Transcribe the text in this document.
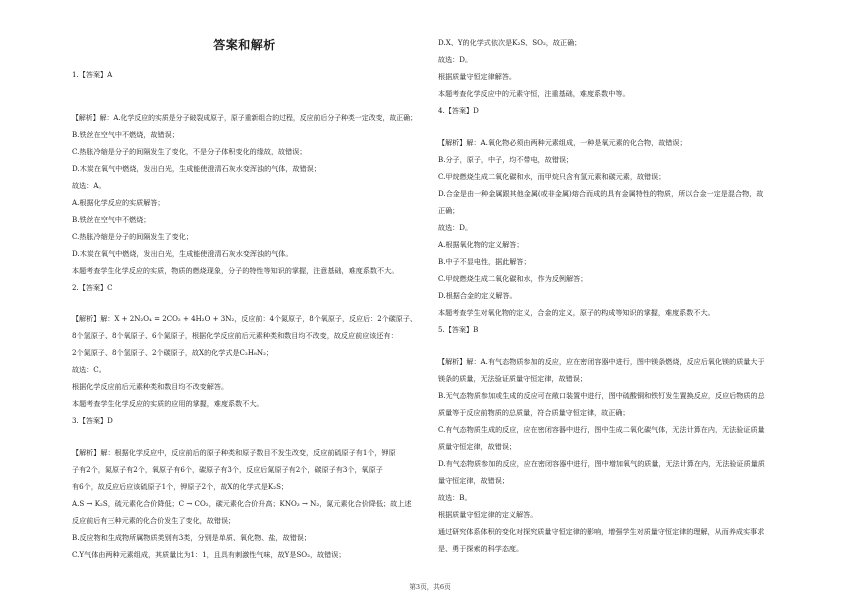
答案和解析
1.【答案】A
【解析】解：A.化学反应的实质是分子破裂成原子，原子重新组合的过程，反应前后分子种类一定改变，故正确；
B.铁丝在空气中不燃烧，故错误；
C.热胀冷缩是分子的间隔发生了变化，不是分子体积变化的缘故，故错误；
D.木炭在氧气中燃烧，发出白光，生成能使澄清石灰水变浑浊的气体，故错误；
故选：A。
A.根据化学反应的实质解答；
B.铁丝在空气中不燃烧；
C.热胀冷缩是分子的间隔发生了变化；
D.木炭在氧气中燃烧，发出白光，生成能使澄清石灰水变浑浊的气体。
本题考查学生化学反应的实质，物质的燃烧现象，分子的特性等知识的掌握，注意基础，难度系数不大。
2.【答案】C
【解析】解：X + 2N₂O₄ = 2CO₂ + 4H₂O + 3N₂，反应前：4个氮原子，8个氧原子，反应后：2个碳原子、
8个氢原子、8个氧原子、6个氮原子，根据化学反应前后元素种类和数目均不改变，故反应前应该还有：
2个氮原子、8个氢原子、2个碳原子，故X的化学式是C₂H₈N₂；
故选：C。
根据化学反应前后元素种类和数目均不改变解答。
本题考查学生化学反应的实质的应用的掌握，难度系数不大。
3.【答案】D
【解析】解：根据化学反应中，反应前后的原子种类和原子数目不发生改变，反应前硫原子有1个，钾原
子有2个，氮原子有2个，氧原子有6个，碳原子有3个，反应后氮原子有2个，碳原子有3个，氧原子
有6个，故反应后应该硫原子1个，钾原子2个，故X的化学式是K₂S；
A.S → K₂S，硫元素化合价降低；C → CO₂，碳元素化合价升高；KNO₃ → N₂，氮元素化合价降低；故上述
反应前后有三种元素的化合价发生了变化，故错误；
B.反应物和生成物所属物质类别有3类，分别是单质、氧化物、盐，故错误；
C.Y气体由两种元素组成，其质量比为1：1，且具有刺激性气味，故Y是SO₂，故错误；
D.X、Y的化学式依次是K₂S、SO₂，故正确；
故选：D。
根据质量守恒定律解答。
本题考查化学反应中的元素守恒，注重基础，难度系数中等。
4.【答案】D
【解析】解：A.氧化物必须由两种元素组成，一种是氧元素的化合物，故错误；
B.分子，原子，中子，均不带电，故错误；
C.甲烷燃烧生成二氧化碳和水，而甲烷只含有氢元素和碳元素，故错误；
D.合金是由一种金属跟其他金属(或非金属)熔合而成的具有金属特性的物质，所以合金一定是混合物，故
正确；
故选：D。
A.根据氧化物的定义解答；
B.中子不显电性，据此解答；
C.甲烷燃烧生成二氧化碳和水，作为反例解答；
D.根据合金的定义解答。
本题考查学生对氧化物的定义，合金的定义，原子的构成等知识的掌握，难度系数不大。
5.【答案】B
【解析】解：A.有气态物质参加的反应，应在密闭容器中进行，图中镁条燃烧，反应后氧化镁的质量大于
镁条的质量，无法验证质量守恒定律，故错误；
B.无气态物质参加或生成的反应可在敞口装置中进行，图中硫酸铜和铁钉发生置换反应，反应后物质的总
质量等于反应前物质的总质量，符合质量守恒定律，故正确；
C.有气态物质生成的反应，应在密闭容器中进行，图中生成二氧化碳气体，无法计算在内，无法验证质量
质量守恒定律，故错误；
D.有气态物质参加的反应，应在密闭容器中进行，图中增加氧气的质量，无法计算在内，无法验证质量质
量守恒定律，故错误；
故选：B。
根据质量守恒定律的定义解答。
通过研究体系体积的变化对探究质量守恒定律的影响，增强学生对质量守恒定律的理解，从而养成实事求
是、勇于探索的科学态度。
第3页，共6页
